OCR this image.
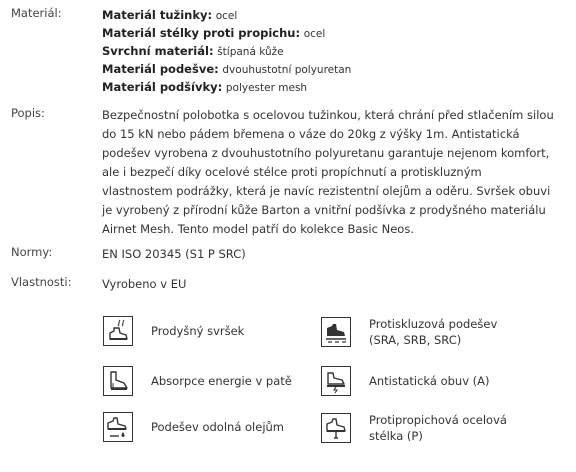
Materiál:	Materiál tužinky: ocel
Materiál stélky proti propichu: ocel
Svrchní materiál: štípaná kůže
Materiál podešve: dvouhustotní polyuretan
Materiál podšívky: polyester mesh
Popis:	Bezpečnostní polobotka s ocelovou tužinkou, která chrání před stlačením silou
do 15 kN nebo pádem břemena o váze do 20kg z výšky 1m. Antistatická
podešev vyrobena z dvouhustotního polyuretanu garantuje nejenom komfort,
ale i bezpečí díky ocelové stélce proti propíchnutí a protiskluzným
vlastnostem podrážky, která je navíc rezistentní olejům a oděru. Svršek obuvi
je vyrobený z přírodní kůže Barton a vnitřní podšívka z prodyšného materiálu
Airnet Mesh. Tento model patří do kolekce Basic Neos.
Normy:	EN ISO 20345 (S1 P SRC)
Vlastnosti:	Vyrobeno v EU
Prodyšný svršek	Protiskluzová podešev
(SRA, SRB, SRC)
Absorpce energie v patě	Antistatická obuv (A)
Podešev odolná olejům	Protipropichová ocelová
stélka (P)
